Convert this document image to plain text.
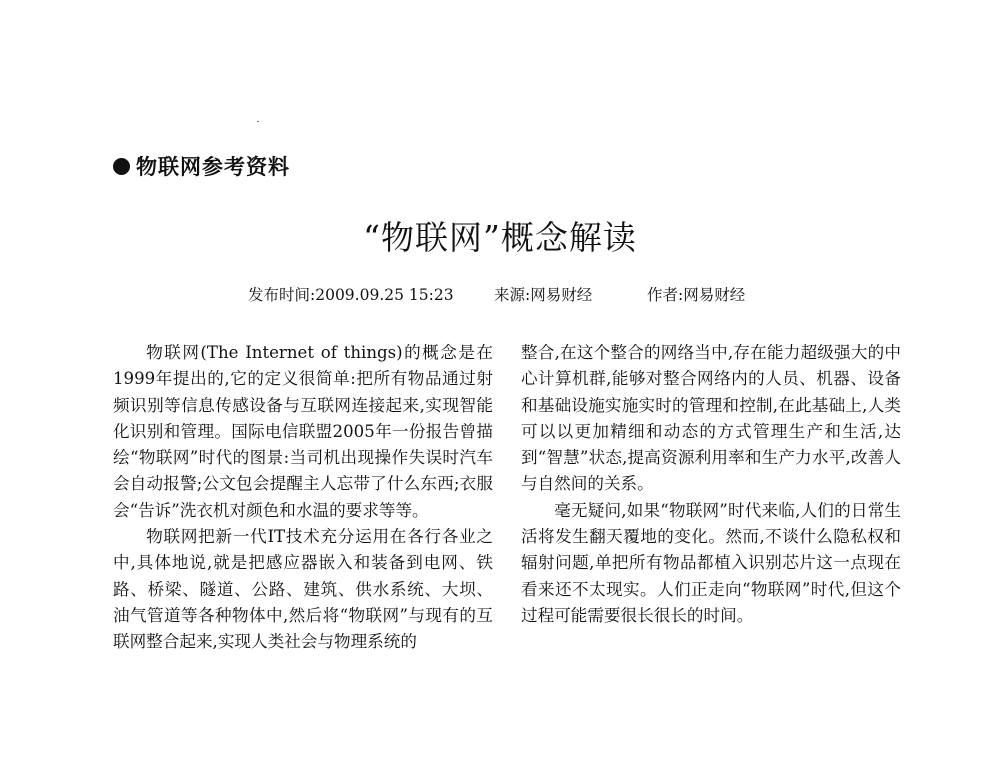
物联网参考资料
“物联网”概念解读
发布时间:2009.09.25 15:23	来源:网易财经	作者:网易财经

物联网(The Internet of things)的概念是在1999年提出的,它的定义很简单:把所有物品通过射频识别等信息传感设备与互联网连接起来,实现智能化识别和管理。国际电信联盟2005年一份报告曾描绘“物联网”时代的图景:当司机出现操作失误时汽车会自动报警;公文包会提醒主人忘带了什么东西;衣服会“告诉”洗衣机对颜色和水温的要求等等。

物联网把新一代IT技术充分运用在各行各业之中,具体地说,就是把感应器嵌入和装备到电网、铁路、桥梁、隧道、公路、建筑、供水系统、大坝、油气管道等各种物体中,然后将“物联网”与现有的互联网整合起来,实现人类社会与物理系统的

整合,在这个整合的网络当中,存在能力超级强大的中心计算机群,能够对整合网络内的人员、机器、设备和基础设施实施实时的管理和控制,在此基础上,人类可以以更加精细和动态的方式管理生产和生活,达到“智慧”状态,提高资源利用率和生产力水平,改善人与自然间的关系。

毫无疑问,如果“物联网”时代来临,人们的日常生活将发生翻天覆地的变化。然而,不谈什么隐私权和辐射问题,单把所有物品都植入识别芯片这一点现在看来还不太现实。人们正走向“物联网”时代,但这个过程可能需要很长很长的时间。
